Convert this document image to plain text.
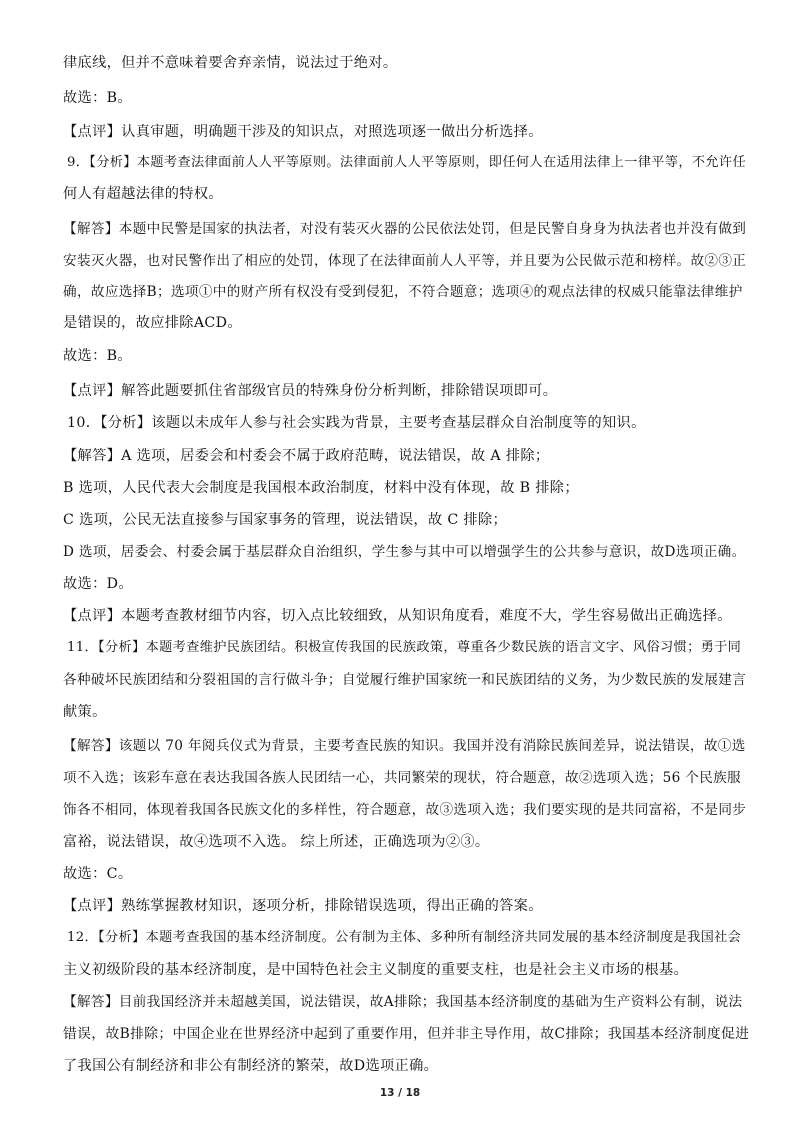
律底线，但并不意味着要舍弃亲情，说法过于绝对。
故选：B。
【点评】认真审题，明确题干涉及的知识点，对照选项逐一做出分析选择。
9．【分析】本题考查法律面前人人平等原则。法律面前人人平等原则，即任何人在适用法律上一律平等，不允许任
何人有超越法律的特权。
【解答】本题中民警是国家的执法者，对没有装灭火器的公民依法处罚，但是民警自身身为执法者也并没有做到
安装灭火器，也对民警作出了相应的处罚，体现了在法律面前人人平等，并且要为公民做示范和榜样。故②③正
确，故应选择B；选项①中的财产所有权没有受到侵犯，不符合题意；选项④的观点法律的权威只能靠法律维护
是错误的，故应排除ACD。
故选：B。
【点评】解答此题要抓住省部级官员的特殊身份分析判断，排除错误项即可。
10．【分析】该题以未成年人参与社会实践为背景，主要考查基层群众自治制度等的知识。
【解答】A 选项，居委会和村委会不属于政府范畴，说法错误，故 A 排除；
B 选项，人民代表大会制度是我国根本政治制度，材料中没有体现，故 B 排除；
C 选项，公民无法直接参与国家事务的管理，说法错误，故 C 排除；
D 选项，居委会、村委会属于基层群众自治组织，学生参与其中可以增强学生的公共参与意识，故D选项正确。
故选：D。
【点评】本题考查教材细节内容，切入点比较细致，从知识角度看，难度不大，学生容易做出正确选择。
11．【分析】本题考查维护民族团结。积极宣传我国的民族政策，尊重各少数民族的语言文字、风俗习惯；勇于同
各种破坏民族团结和分裂祖国的言行做斗争；自觉履行维护国家统一和民族团结的义务，为少数民族的发展建言
献策。
【解答】该题以 70 年阅兵仪式为背景，主要考查民族的知识。我国并没有消除民族间差异，说法错误，故①选
项不入选；该彩车意在表达我国各族人民团结一心，共同繁荣的现状，符合题意，故②选项入选；56 个民族服
饰各不相同，体现着我国各民族文化的多样性，符合题意，故③选项入选；我们要实现的是共同富裕，不是同步
富裕，说法错误，故④选项不入选。 综上所述，正确选项为②③。
故选：C。
【点评】熟练掌握教材知识，逐项分析，排除错误选项，得出正确的答案。
12．【分析】本题考查我国的基本经济制度。公有制为主体、多种所有制经济共同发展的基本经济制度是我国社会
主义初级阶段的基本经济制度，是中国特色社会主义制度的重要支柱，也是社会主义市场的根基。
【解答】目前我国经济并未超越美国，说法错误，故A排除；我国基本经济制度的基础为生产资料公有制，说法
错误，故B排除；中国企业在世界经济中起到了重要作用，但并非主导作用，故C排除；我国基本经济制度促进
了我国公有制经济和非公有制经济的繁荣，故D选项正确。
13 / 18
